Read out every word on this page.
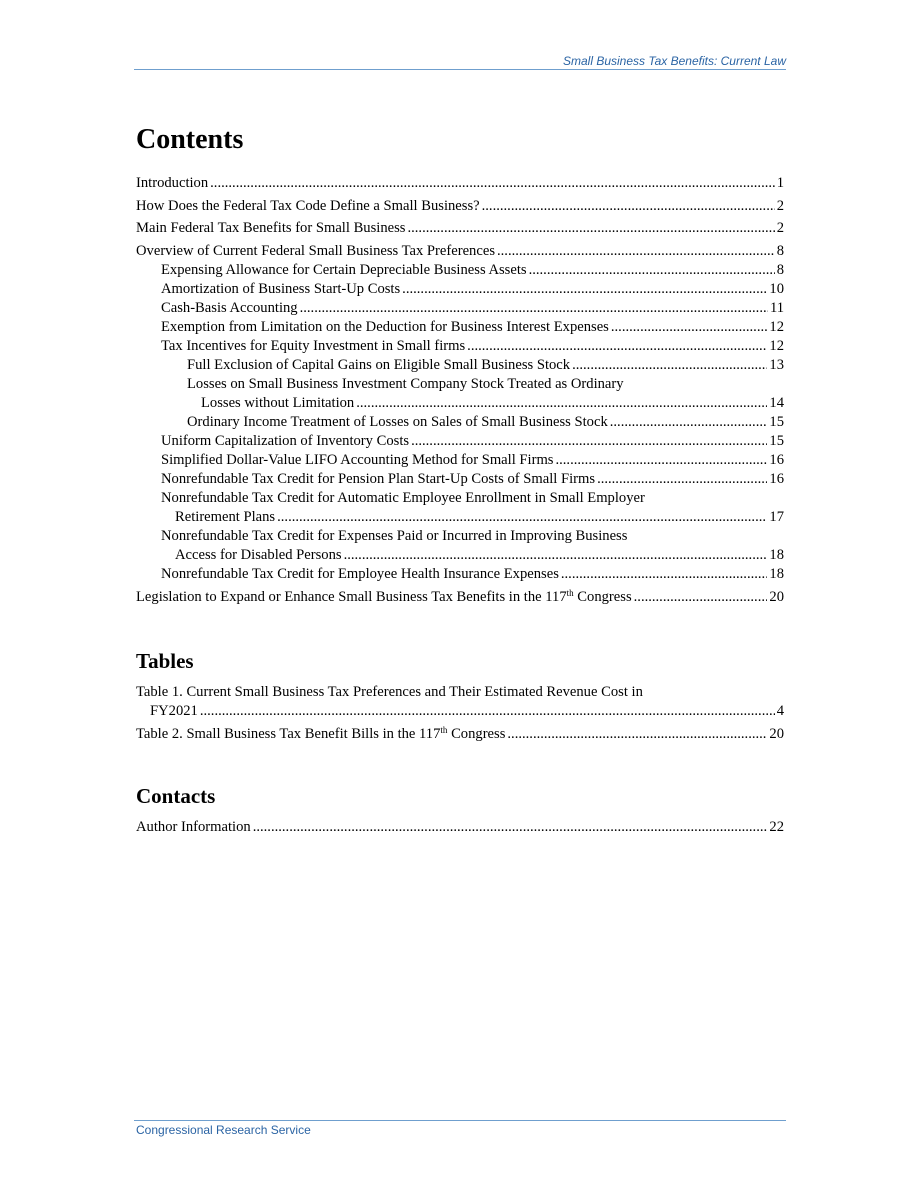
Small Business Tax Benefits: Current Law
Contents
Introduction .....	1
How Does the Federal Tax Code Define a Small Business? .....	2
Main Federal Tax Benefits for Small Business .....	2
Overview of Current Federal Small Business Tax Preferences .....	8
Expensing Allowance for Certain Depreciable Business Assets .....	8
Amortization of Business Start-Up Costs .....	10
Cash-Basis Accounting .....	11
Exemption from Limitation on the Deduction for Business Interest Expenses .....	12
Tax Incentives for Equity Investment in Small firms .....	12
Full Exclusion of Capital Gains on Eligible Small Business Stock .....	13
Losses on Small Business Investment Company Stock Treated as Ordinary
Losses without Limitation .....	14
Ordinary Income Treatment of Losses on Sales of Small Business Stock .....	15
Uniform Capitalization of Inventory Costs .....	15
Simplified Dollar-Value LIFO Accounting Method for Small Firms .....	16
Nonrefundable Tax Credit for Pension Plan Start-Up Costs of Small Firms .....	16
Nonrefundable Tax Credit for Automatic Employee Enrollment in Small Employer
Retirement Plans .....	17
Nonrefundable Tax Credit for Expenses Paid or Incurred in Improving Business
Access for Disabled Persons .....	18
Nonrefundable Tax Credit for Employee Health Insurance Expenses .....	18
Legislation to Expand or Enhance Small Business Tax Benefits in the 117th Congress .....	20
Tables
Table 1. Current Small Business Tax Preferences and Their Estimated Revenue Cost in
FY2021 .....	4
Table 2. Small Business Tax Benefit Bills in the 117th Congress .....	20
Contacts
Author Information .....	22
Congressional Research Service
